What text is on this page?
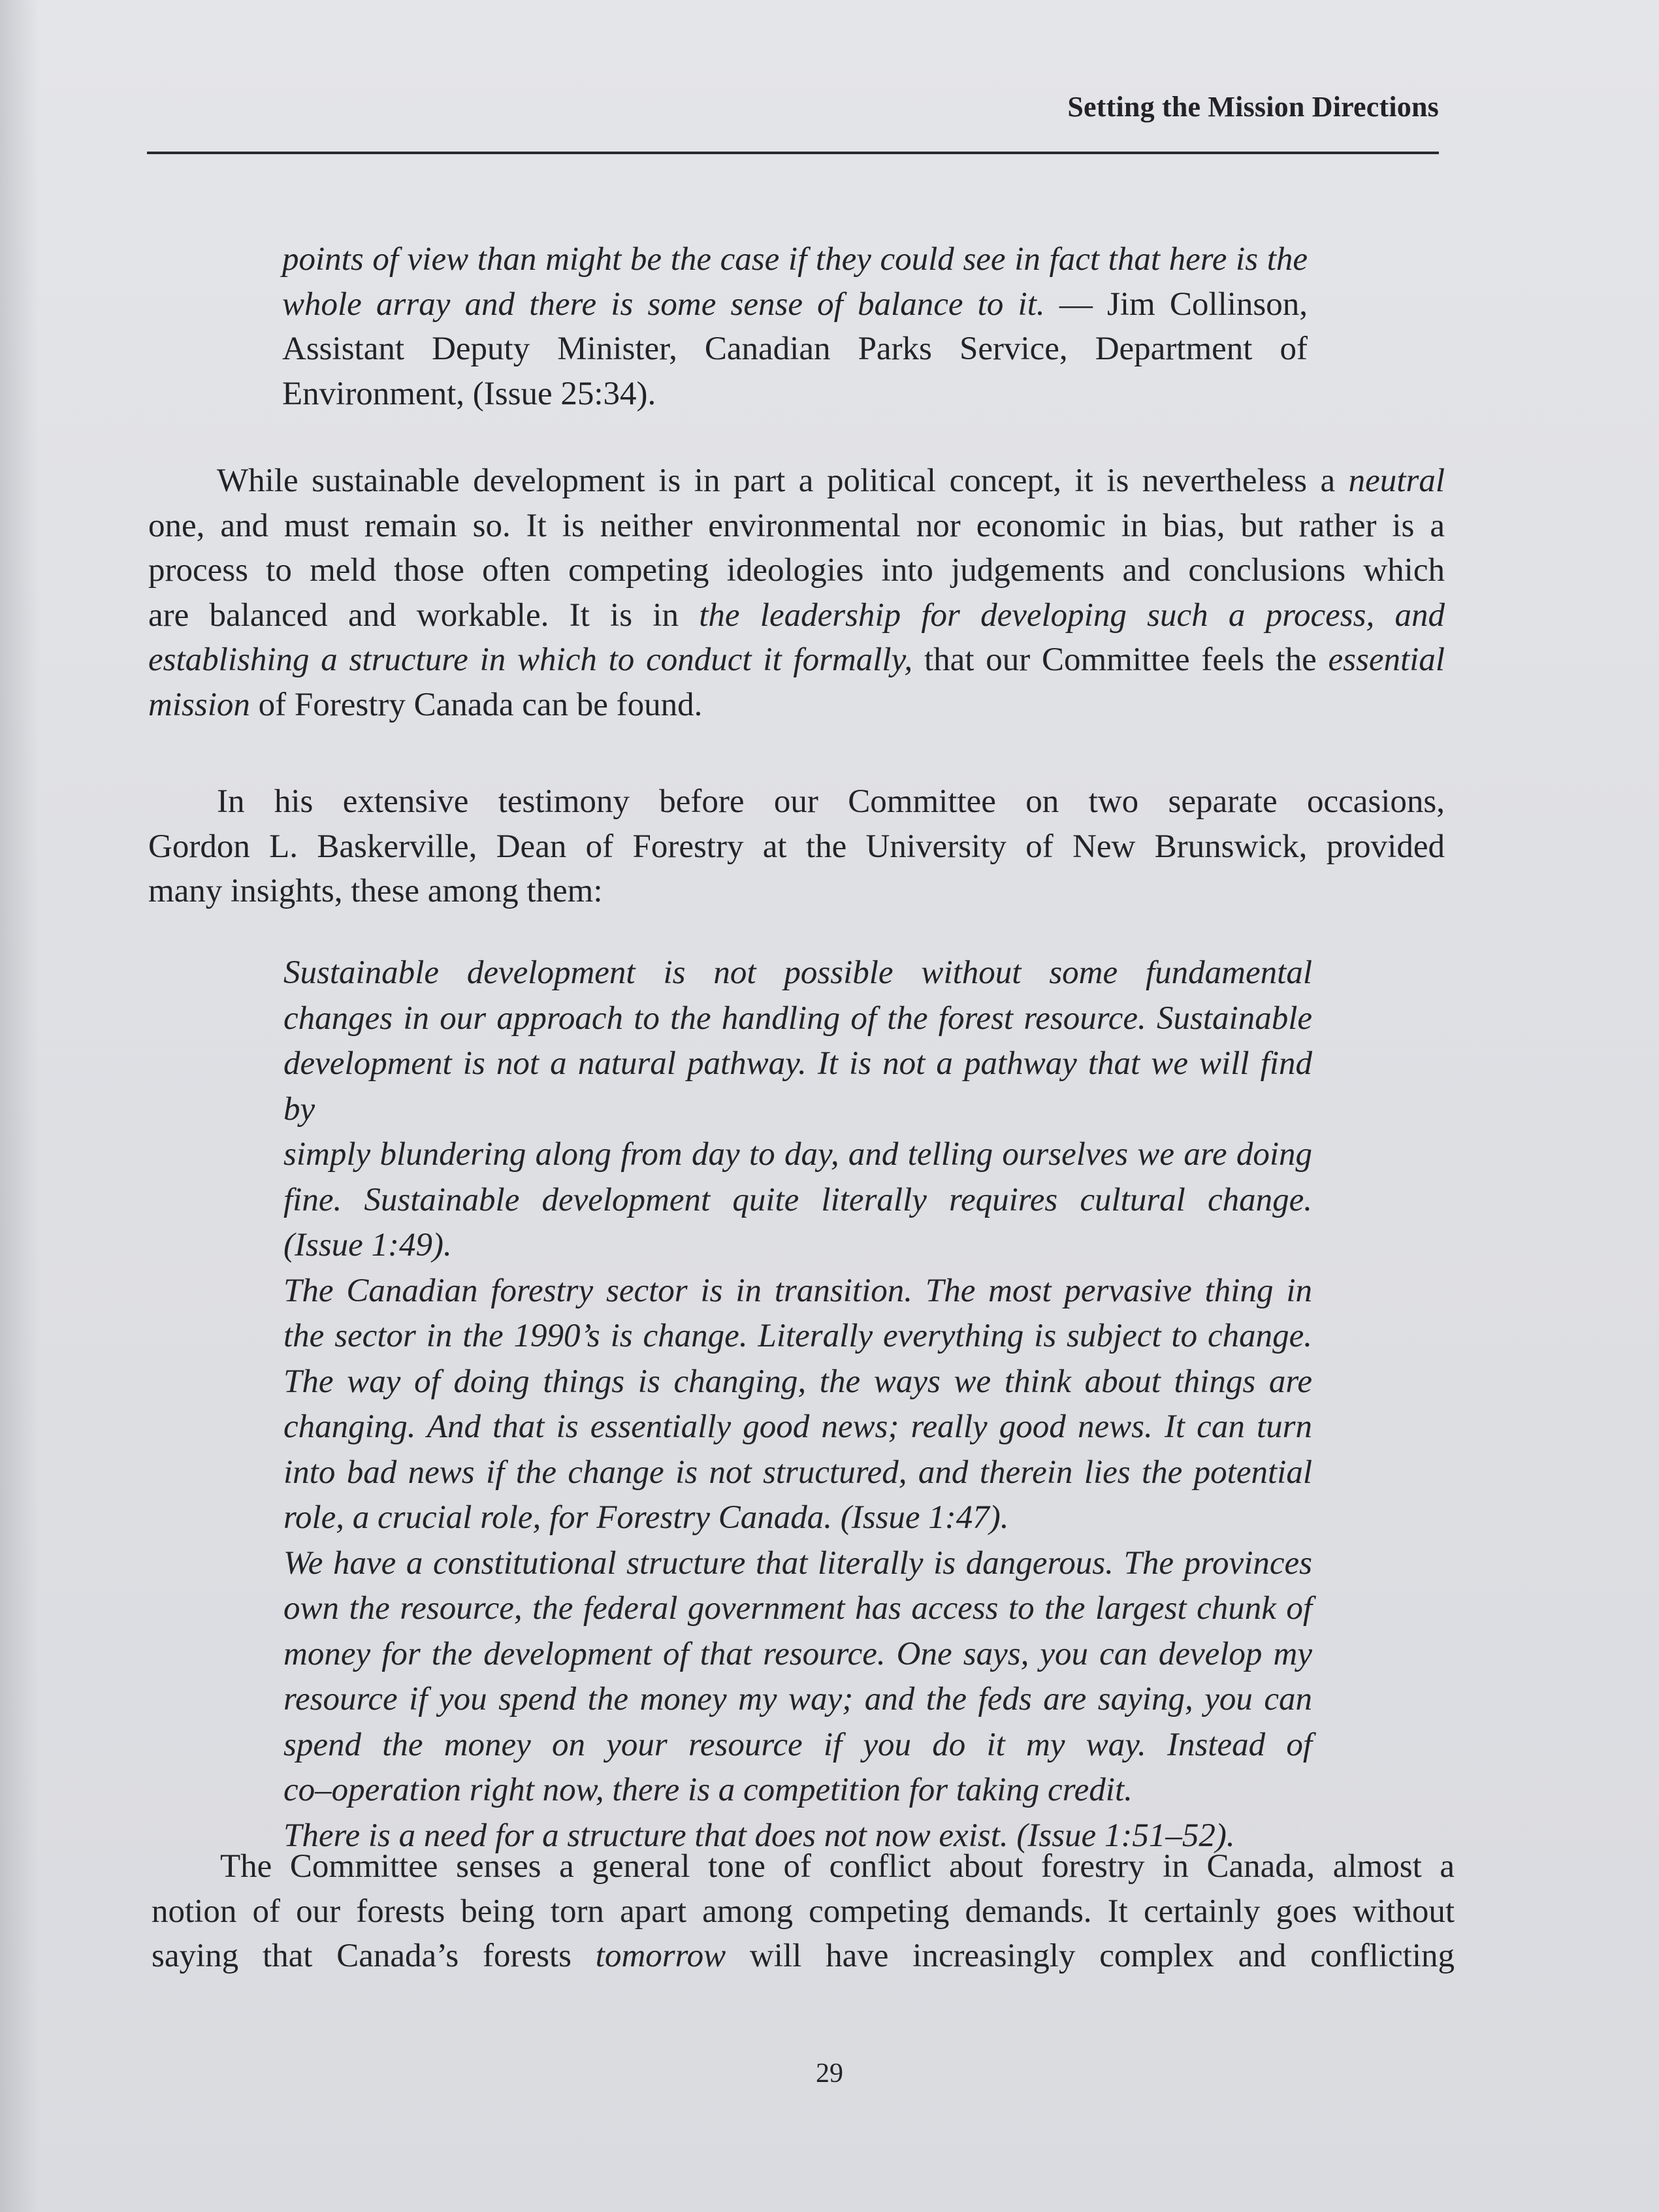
Setting the Mission Directions
points of view than might be the case if they could see in fact that here is the
whole array and there is some sense of balance to it. — Jim Collinson,
Assistant Deputy Minister, Canadian Parks Service, Department of
Environment, (Issue 25:34).
While sustainable development is in part a political concept, it is nevertheless a neutral
one, and must remain so. It is neither environmental nor economic in bias, but rather is a
process to meld those often competing ideologies into judgements and conclusions which
are balanced and workable. It is in the leadership for developing such a process, and
establishing a structure in which to conduct it formally, that our Committee feels the essential
mission of Forestry Canada can be found.
In his extensive testimony before our Committee on two separate occasions,
Gordon L. Baskerville, Dean of Forestry at the University of New Brunswick, provided
many insights, these among them:
Sustainable development is not possible without some fundamental
changes in our approach to the handling of the forest resource. Sustainable
development is not a natural pathway. It is not a pathway that we will find by
simply blundering along from day to day, and telling ourselves we are doing
fine. Sustainable development quite literally requires cultural change.
(Issue 1:49).
The Canadian forestry sector is in transition. The most pervasive thing in
the sector in the 1990’s is change. Literally everything is subject to change.
The way of doing things is changing, the ways we think about things are
changing. And that is essentially good news; really good news. It can turn
into bad news if the change is not structured, and therein lies the potential
role, a crucial role, for Forestry Canada. (Issue 1:47).
We have a constitutional structure that literally is dangerous. The provinces
own the resource, the federal government has access to the largest chunk of
money for the development of that resource. One says, you can develop my
resource if you spend the money my way; and the feds are saying, you can
spend the money on your resource if you do it my way. Instead of
co–operation right now, there is a competition for taking credit.
There is a need for a structure that does not now exist. (Issue 1:51–52).
The Committee senses a general tone of conflict about forestry in Canada, almost a
notion of our forests being torn apart among competing demands. It certainly goes without
saying that Canada’s forests tomorrow will have increasingly complex and conflicting
29
